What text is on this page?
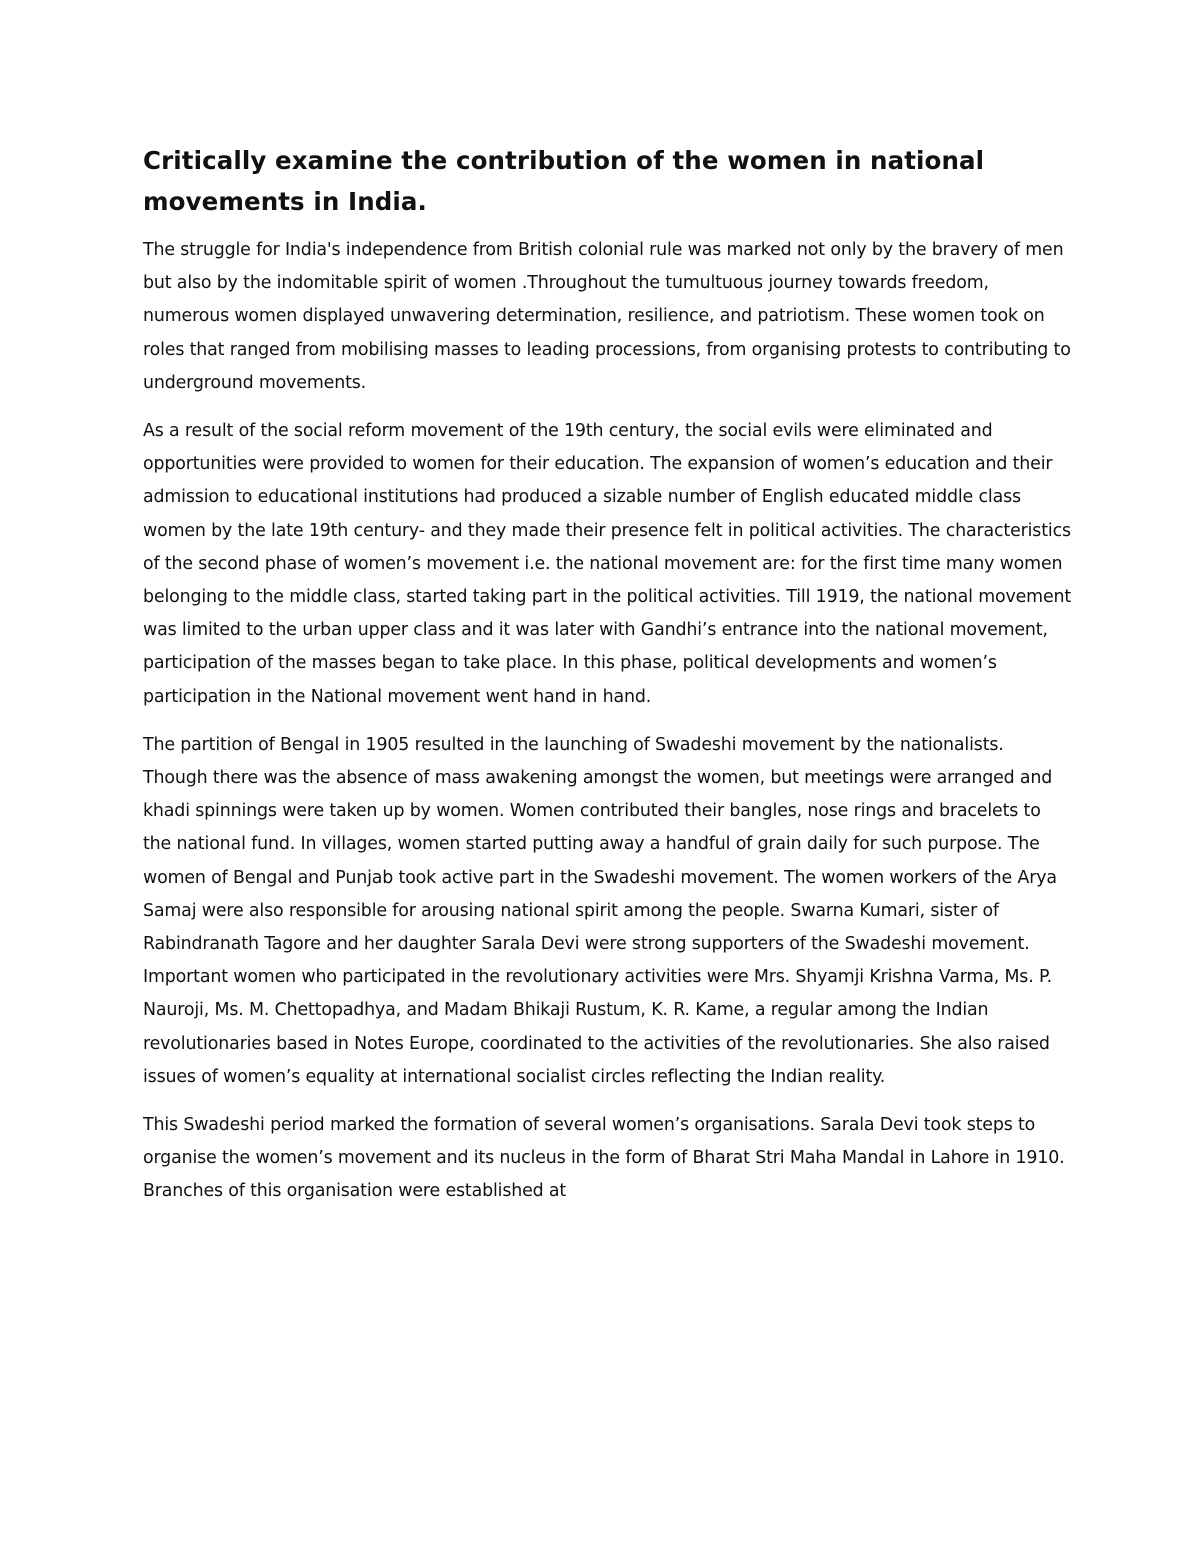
Critically examine the contribution of the women in national movements in India.

The struggle for India's independence from British colonial rule was marked not only by the bravery of men but also by the indomitable spirit of women .Throughout the tumultuous journey towards freedom, numerous women displayed unwavering determination, resilience, and patriotism. These women took on roles that ranged from mobilising masses to leading processions, from organising protests to contributing to underground movements.

As a result of the social reform movement of the 19th century, the social evils were eliminated and opportunities were provided to women for their education. The expansion of women’s education and their admission to educational institutions had produced a sizable number of English educated middle class women by the late 19th century- and they made their presence felt in political activities. The characteristics of the second phase of women’s movement i.e. the national movement are: for the first time many women belonging to the middle class, started taking part in the political activities. Till 1919, the national movement was limited to the urban upper class and it was later with Gandhi’s entrance into the national movement, participation of the masses began to take place. In this phase, political developments and women’s participation in the National movement went hand in hand.

The partition of Bengal in 1905 resulted in the launching of Swadeshi movement by the nationalists. Though there was the absence of mass awakening amongst the women, but meetings were arranged and khadi spinnings were taken up by women. Women contributed their bangles, nose rings and bracelets to the national fund. In villages, women started putting away a handful of grain daily for such purpose. The women of Bengal and Punjab took active part in the Swadeshi movement. The women workers of the Arya Samaj were also responsible for arousing national spirit among the people. Swarna Kumari, sister of Rabindranath Tagore and her daughter Sarala Devi were strong supporters of the Swadeshi movement. Important women who participated in the revolutionary activities were Mrs. Shyamji Krishna Varma, Ms. P. Nauroji, Ms. M. Chettopadhya, and Madam Bhikaji Rustum, K. R. Kame, a regular among the Indian revolutionaries based in Notes Europe, coordinated to the activities of the revolutionaries. She also raised issues of women’s equality at international socialist circles reflecting the Indian reality.

This Swadeshi period marked the formation of several women’s organisations. Sarala Devi took steps to organise the women’s movement and its nucleus in the form of Bharat Stri Maha Mandal in Lahore in 1910. Branches of this organisation were established at
